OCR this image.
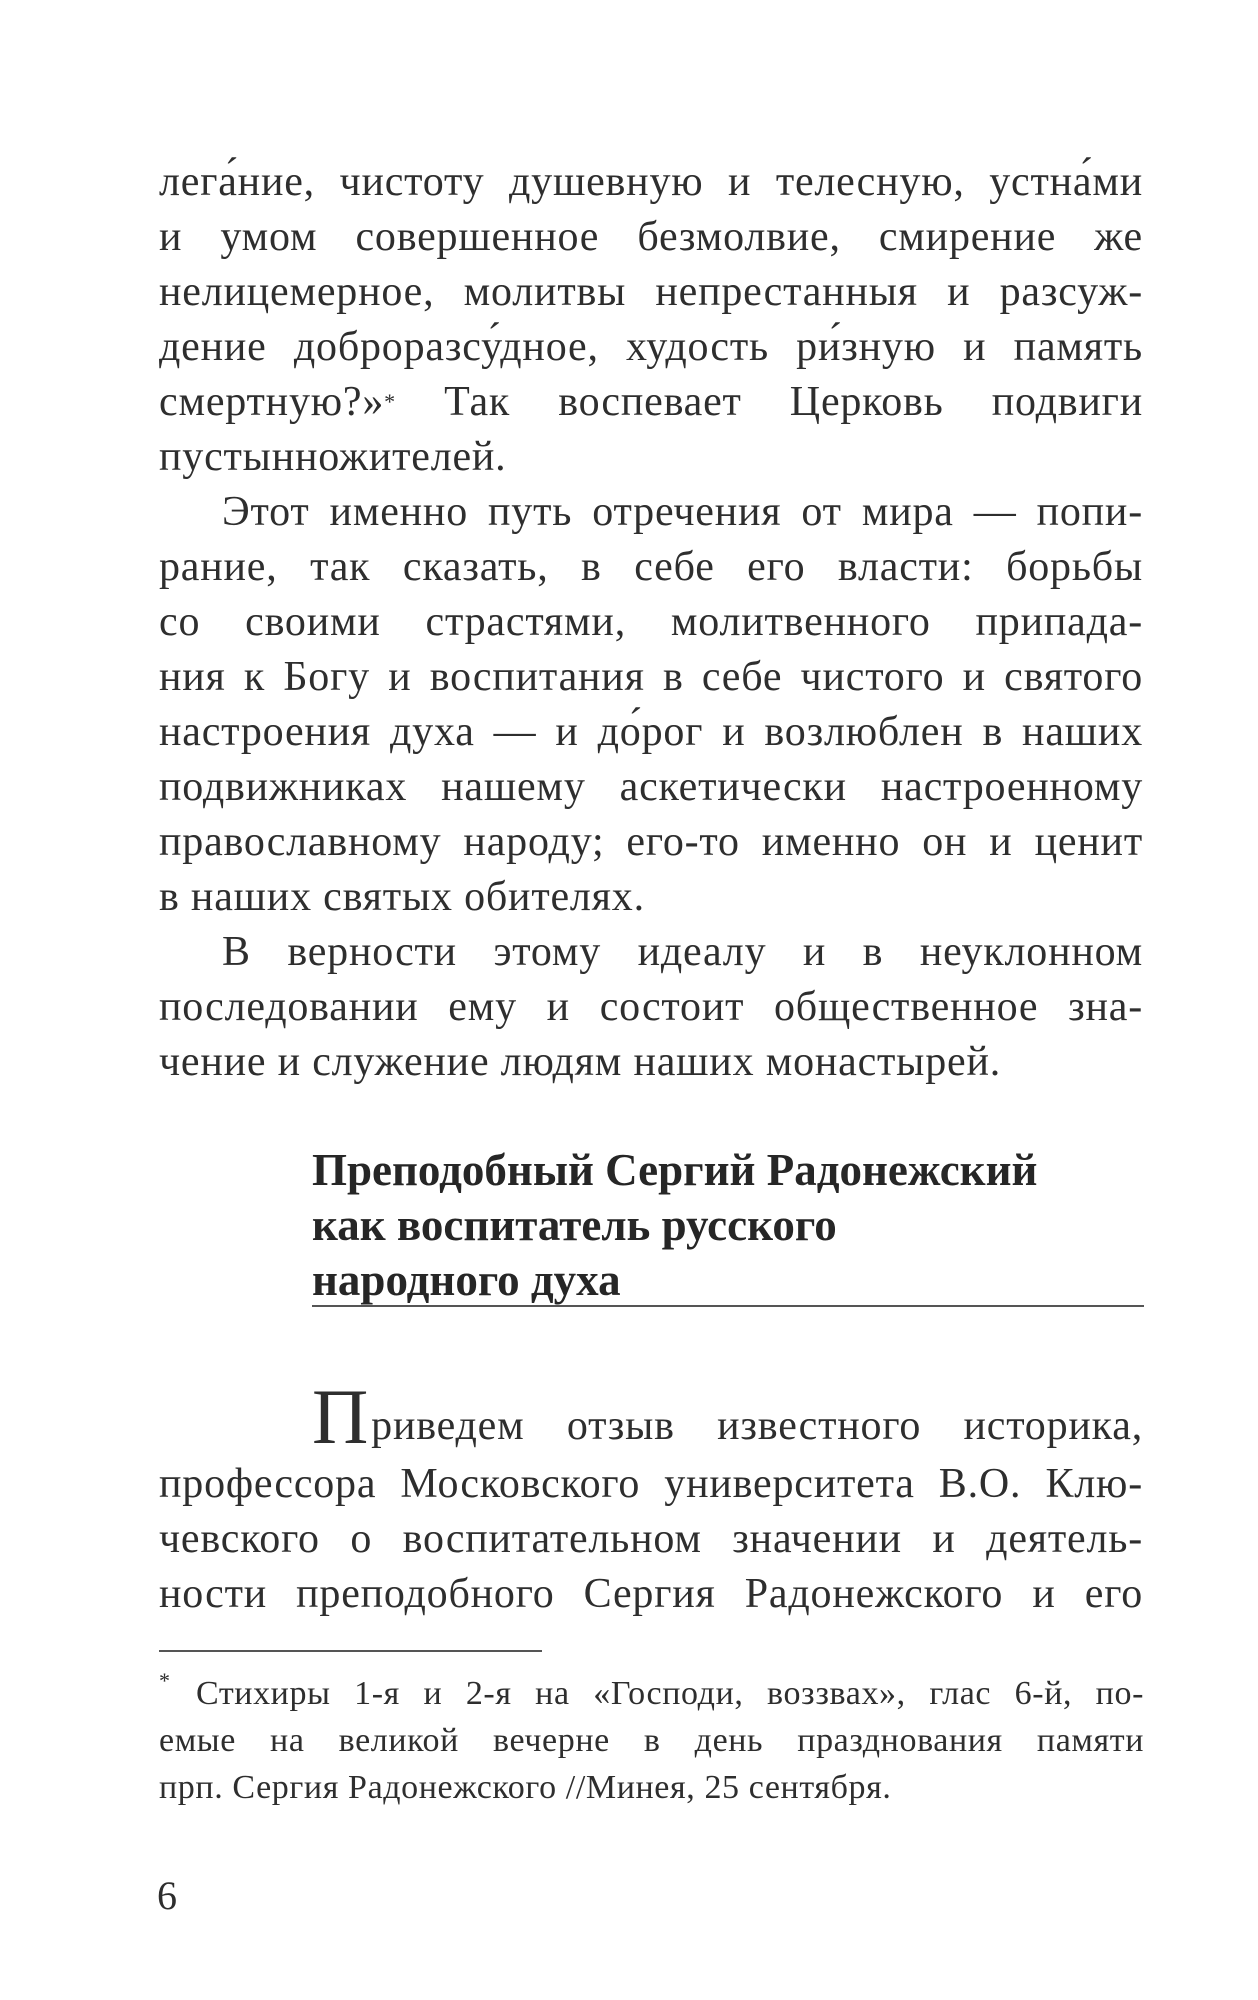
лега́ние, чистоту душевную и телесную, устна́ми

и умом совершенное безмолвие, смирение же

нелицемерное, молитвы непрестанныя и разсуж-

дение доброразсу́дное, худость ри́зную и память

смертную?»* Так воспевает Церковь подвиги

пустынножителей.

Этот именно путь отречения от мира — попи-

рание, так сказать, в себе его власти: борьбы

со своими страстями, молитвенного припада-

ния к Богу и воспитания в себе чистого и святого

настроения духа — и до́рог и возлюблен в наших

подвижниках нашему аскетически настроенному

православному народу; его-то именно он и ценит

в наших святых обителях.

В верности этому идеалу и в неуклонном

последовании ему и состоит общественное зна-

чение и служение людям наших монастырей.

Преподобный Сергий Радонежский
как воспитатель русского
народного духа

Приведем отзыв известного историка,

профессора Московского университета В.О. Клю-

чевского о воспитательном значении и деятель-

ности преподобного Сергия Радонежского и его

* Стихиры 1-я и 2-я на «Господи, воззвах», глас 6-й, по-

емые на великой вечерне в день празднования памяти

прп. Сергия Радонежского //Минея, 25 сентября.

6
